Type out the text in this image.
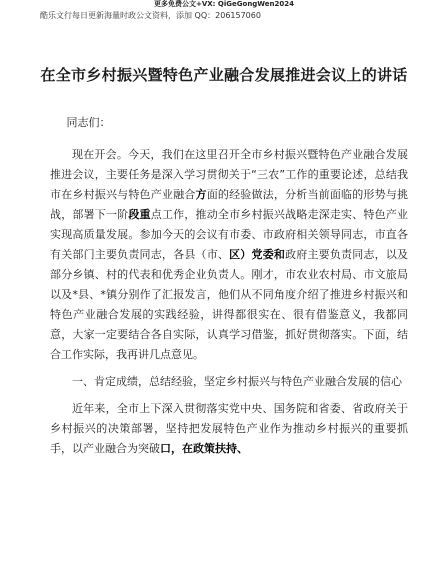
更多免费公文+VX: QiGeGongWen2024
酷乐文行每日更新海量时政公文资料，添加 QQ：206157060
在全市乡村振兴暨特色产业融合发展推进会议上的讲话

同志们：

现在开会。今天，我们在这里召开全市乡村振兴暨特色产业融合发展推进会议，主要任务是深入学习贯彻关于“三农”工作的重要论述，总结我市在乡村振兴与特色产业融合方面的经验做法，分析当前面临的形势与挑战，部署下一阶段重点工作，推动全市乡村振兴战略走深走实、特色产业实现高质量发展。参加今天的会议有市委、市政府相关领导同志，市直各有关部门主要负责同志，各县（市、区）党委和政府主要负责同志，以及部分乡镇、村的代表和优秀企业负责人。刚才，市农业农村局、市文旅局以及*县、*镇分别作了汇报发言，他们从不同角度介绍了推进乡村振兴和特色产业融合发展的实践经验，讲得都很实在、很有借鉴意义，我都同意，大家一定要结合各自实际，认真学习借鉴，抓好贯彻落实。下面，结合工作实际，我再讲几点意见。

一、肯定成绩，总结经验，坚定乡村振兴与特色产业融合发展的信心

近年来，全市上下深入贯彻落实党中央、国务院和省委、省政府关于乡村振兴的决策部署，坚持把发展特色产业作为推动乡村振兴的重要抓手，以产业融合为突破口，在政策扶持、
